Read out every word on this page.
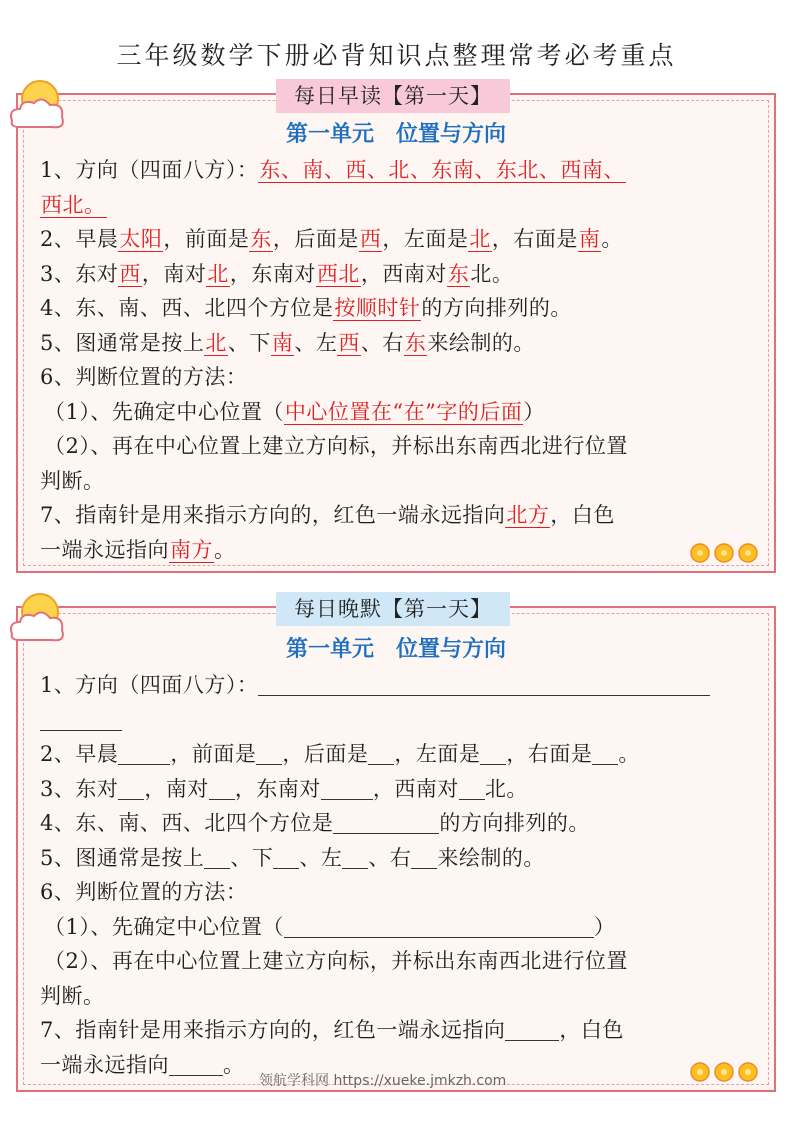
三年级数学下册必背知识点整理常考必考重点
每日早读【第一天】
第一单元　位置与方向
1、方向（四面八方）：东、南、西、北、东南、东北、西南、
西北。
2、早晨太阳，前面是东，后面是西，左面是北，右面是南。
3、东对西，南对北，东南对西北，西南对东北。
4、东、南、西、北四个方位是按顺时针的方向排列的。
5、图通常是按上北、下南、左西、右东来绘制的。
6、判断位置的方法：
（1）、先确定中心位置（中心位置在“在”字的后面）
（2）、再在中心位置上建立方向标，并标出东南西北进行位置
判断。
7、指南针是用来指示方向的，红色一端永远指向北方，白色
一端永远指向南方。
每日晚默【第一天】
第一单元　位置与方向
1、方向（四面八方）：
2、早晨 ，前面是 ，后面是 ，左面是 ，右面是 。
3、东对 ，南对 ，东南对 ，西南对 北。
4、东、南、西、北四个方位是	的方向排列的。
5、图通常是按上 、下 、左 、右 来绘制的。
6、判断位置的方法：
（1）、先确定中心位置（	）
（2）、再在中心位置上建立方向标，并标出东南西北进行位置
判断。
7、指南针是用来指示方向的，红色一端永远指向	，白色
一端永远指向	。
领航学科网 https://xueke.jmkzh.com
